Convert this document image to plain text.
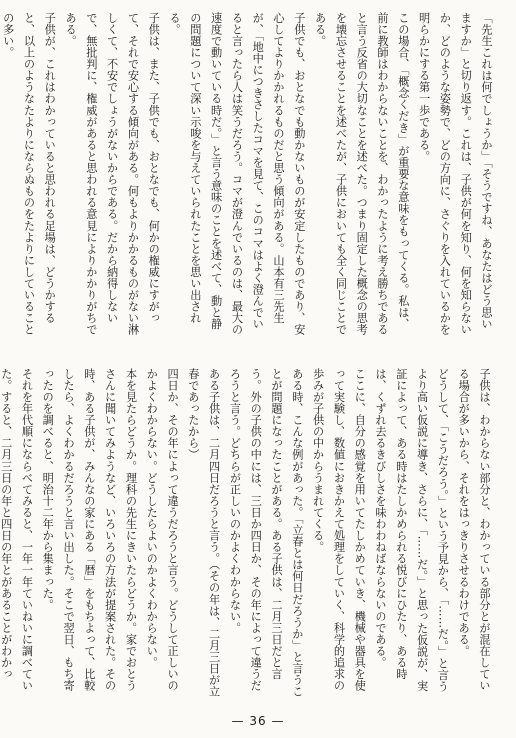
「先生これは何でしょうか」「そうですね、あなたはどう思いますか」と切り返す。これは、子供が何を知り、何を知らないか、どのような姿勢で、どの方向に、さぐりを入れているかを明らかにする第一歩である。

この場合、「概念くだき」が重要な意味をもってくる。私は、前に教師はわからないことを、わかったように考え勝ちであると言う反省の大切なことを述べた。つまり固定した概念の思考を壊忘させることを述べたが、子供においても全く同じことである。

子供でも、おとなでも動かないものが安定したものであり、安心してよりかかれるものだと思う傾向がある。山本有三先生が、「地中につきさしたコマを見て、このコマはよく澄んでいると言ったら人は笑うだろう。コマが澄んでいるのは、最大の速度で動いている時だ。」と言う意味のことを述べて、動と静の問題について深い示唆を与えていられたことを思い出される。

子供は、また、子供でも、おとなでも、何かの権威にすがって、それで安心する傾向がある。何もよりかかるものがない淋しくて、不安でしょうがないからである。だから納得しないで、無批判に、権威があると思われる意見によりかかりがちである。

子供が、これはわかっていると思われる足場は、どうかすると、以上のようなたよりにならぬものをたよりにしていることの多い。

子供は、わからない部分と、わかっている部分とが混在している場合が多いから、それをはっきりさせるわけである。

どうして、「こうだろう。」という予見から、「……だ。」と言うより高い仮説に導き、さらに、「……だ。」と思った仮説が、実証によって、ある時はたしかめられる悦びにひたり、ある時は、くずれ去るきびしさを味わわねばならないのである。

ここに、自分の感覚を用いてたしかめていき、機械や器具を使って実験し、数値におきかえて処理をしていく、科学的追求の歩みが子供の中からうまれてくる。

ある時、こんな例があった。「立春とは何日だろうか」と言うことが問題になったことがある。ある子供は、二月三日だと言う。外の子供の中には、三日か四日か、その年によって違うだろうと言う。どちらが正しいのかよくわからない。

ある子供は、二月四日だろうと言う。（その年は、二月三日が立春であったから）

四日か、その年によって違うだろうと言う。どうして正しいのかよくわからない。どうしたらよいのかよくわからない。

本を見たらどうか。理科の先生にきいたらどうか。家でおとうさんに聞いてみようなど、いろいろの方法が提案された。その時、ある子供が、みんなの家にある「暦」をもちよって、比較したら、よくわかるだろうと言い出した。そこで翌日、もち寄ったのを調べると、明治十二年から集まった。

それを年代順にならべてみると、一年一年ていねいに調べていた。すると、二月三日の年と四日の年とがあることがわかっ

— 36 —
